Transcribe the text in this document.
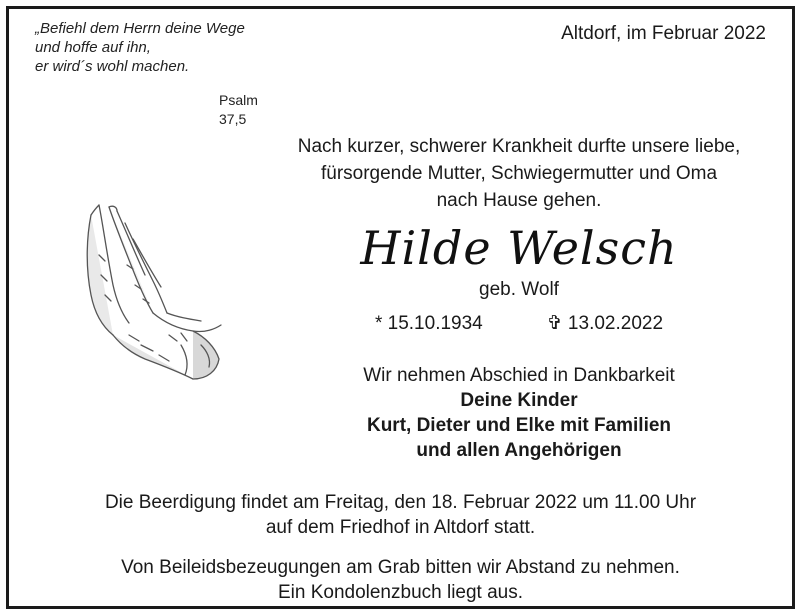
„Befiehl dem Herrn deine Wege
und hoffe auf ihn,
er wird´s wohl machen.
Psalm 37,5
Altdorf, im Februar 2022
Nach kurzer, schwerer Krankheit durfte unsere liebe,
fürsorgende Mutter, Schwiegermutter und Oma
nach Hause gehen.
Hilde Welsch
geb. Wolf
* 15.10.1934	✞ 13.02.2022
Wir nehmen Abschied in Dankbarkeit
Deine Kinder
Kurt, Dieter und Elke mit Familien
und allen Angehörigen
Die Beerdigung findet am Freitag, den 18. Februar 2022 um 11.00 Uhr
auf dem Friedhof in Altdorf statt.
Von Beileidsbezeugungen am Grab bitten wir Abstand zu nehmen.
Ein Kondolenzbuch liegt aus.
